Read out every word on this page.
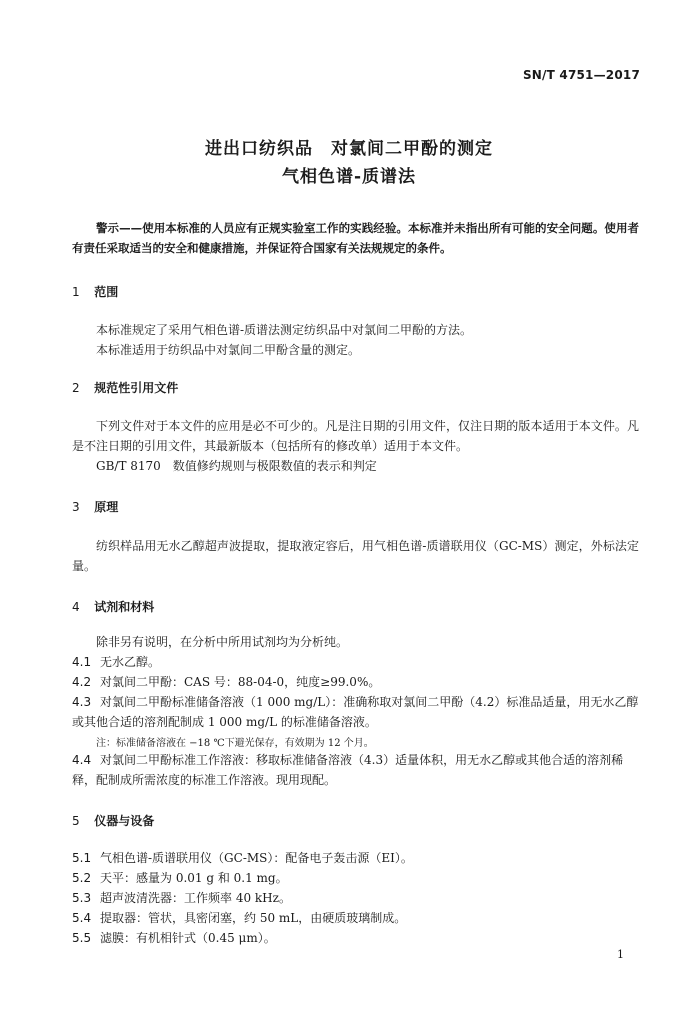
SN/T 4751—2017
进出口纺织品　对氯间二甲酚的测定
气相色谱-质谱法
警示——使用本标准的人员应有正规实验室工作的实践经验。本标准并未指出所有可能的安全问题。使用者有责任采取适当的安全和健康措施，并保证符合国家有关法规规定的条件。
1 范围
本标准规定了采用气相色谱-质谱法测定纺织品中对氯间二甲酚的方法。
本标准适用于纺织品中对氯间二甲酚含量的测定。
2 规范性引用文件
下列文件对于本文件的应用是必不可少的。凡是注日期的引用文件，仅注日期的版本适用于本文件。凡是不注日期的引用文件，其最新版本（包括所有的修改单）适用于本文件。
GB/T 8170　数值修约规则与极限数值的表示和判定
3 原理
纺织样品用无水乙醇超声波提取，提取液定容后，用气相色谱-质谱联用仪（GC-MS）测定，外标法定量。
4 试剂和材料
除非另有说明，在分析中所用试剂均为分析纯。
4.1 无水乙醇。
4.2 对氯间二甲酚：CAS 号：88-04-0，纯度≥99.0%。
4.3 对氯间二甲酚标准储备溶液（1 000 mg/L）：准确称取对氯间二甲酚（4.2）标准品适量，用无水乙醇
或其他合适的溶剂配制成 1 000 mg/L 的标准储备溶液。
注：标准储备溶液在 −18 ℃下避光保存，有效期为 12 个月。
4.4 对氯间二甲酚标准工作溶液：移取标准储备溶液（4.3）适量体积，用无水乙醇或其他合适的溶剂稀
释，配制成所需浓度的标准工作溶液。现用现配。
5 仪器与设备
5.1 气相色谱-质谱联用仪（GC-MS）：配备电子轰击源（EI）。
5.2 天平：感量为 0.01 g 和 0.1 mg。
5.3 超声波清洗器：工作频率 40 kHz。
5.4 提取器：管状，具密闭塞，约 50 mL，由硬质玻璃制成。
5.5 滤膜：有机相针式（0.45 μm）。
1
